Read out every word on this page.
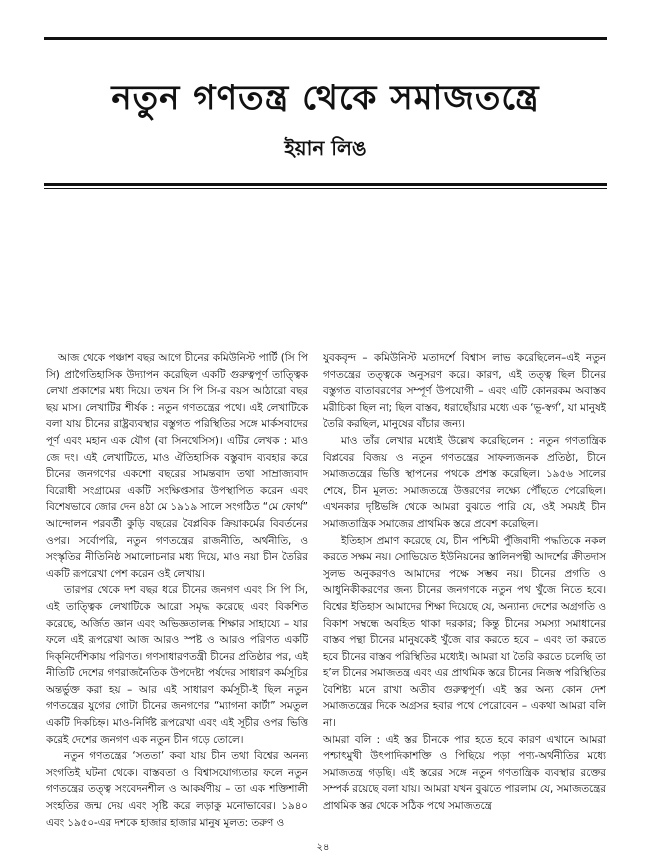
নতুন গণতন্ত্র থেকে সমাজতন্ত্রে
ইয়ান লিঙ

আজ থেকে পঞ্চাশ বছর আগে চীনের কমিউনিস্ট পার্টি (সি পি সি) প্রাগৈতিহাসিক উদ্যাপন করেছিল একটি গুরুত্বপূর্ণ তাত্ত্বিক লেখা প্রকাশের মধ্য দিয়ে। তখন সি পি সি-র বয়স আঠারো বছর ছয় মাস। লেখাটির শীর্ষক : নতুন গণতন্ত্রের পথে। এই লেখাটিকে বলা যায় চীনের রাষ্ট্রব্যবস্থার বস্তুগত পরিস্থিতির সঙ্গে মার্কসবাদের পূর্ণ এবং মহান এক যৌগ (বা সিনথেসিস)। এটির লেখক : মাও জে দং। এই লেখাটিতে, মাও ঐতিহাসিক বস্তুবাদ ব্যবহার করে চীনের জনগণের একশো বছরের সামন্তবাদ তথা সাম্রাজ্যবাদ বিরোধী সংগ্রামের একটি সংক্ষিপ্তসার উপস্থাপিত করেন এবং বিশেষভাবে জোর দেন ৪ঠা মে ১৯১৯ সালে সংগঠিত “মে ফোর্থ” আন্দোলন পরবর্তী কুড়ি বছরের বৈপ্লবিক ক্রিয়াকর্মের বিবর্তনের ওপর। সর্বোপরি, নতুন গণতন্ত্রের রাজনীতি, অর্থনীতি, ও সংস্কৃতির নীতিনিষ্ঠ সমালোচনার মধ্য দিয়ে, মাও নয়া চীন তৈরির একটি রূপরেখা পেশ করেন ওই লেখায়।

তারপর থেকে দশ বছর ধরে চীনের জনগণ এবং সি পি সি, এই তাত্ত্বিক লেখাটিকে আরো সমৃদ্ধ করেছে এবং বিকশিত করেছে, অর্জিত জ্ঞান এবং অভিজ্ঞতালব্ধ শিক্ষার সাহায্যে – যার ফলে এই রূপরেখা আজ আরও স্পষ্ট ও আরও পরিণত একটি দিক্‌নির্দেশিকায় পরিণত। গণসাধারণতন্ত্রী চীনের প্রতিষ্ঠার পর, এই নীতিটি দেশের গণরাজনৈতিক উপদেষ্টা পর্ষদের সাধারণ কর্মসূচির অন্তর্ভুক্ত করা হয় – আর এই সাধারণ কর্মসূচী-ই ছিল নতুন গণতন্ত্রের যুগের গোটা চীনের জনগণের “ম্যাগনা কার্টা” সমতুল একটি দিকচিহ্ন। মাও-নির্দিষ্ট রূপরেখা এবং এই সূচীর ওপর ভিত্তি করেই দেশের জনগণ এক নতুন চীন গড়ে তোলে।

নতুন গণতন্ত্রের ‘সততা’ কবা যায় চীন তথা বিশ্বের অনন্য সংগতিই ঘটনা থেকে। বাস্তবতা ও বিশ্বাসযোগ্যতার ফলে নতুন গণতন্ত্রের তত্ত্ব সংবেদনশীল ও আকর্ষণীয় – তা এক শক্তিশালী সংহতির জন্ম দেয় এবং সৃষ্টি করে লড়াকু মনোভাবের। ১৯৪০ এবং ১৯৫০-এর দশকে হাজার হাজার মানুষ মূলত: তরুণ ও

যুবকবৃন্দ – কমিউনিস্ট মতাদর্শে বিশ্বাস লাভ করেছিলেন–এই নতুন গণতন্ত্রের তত্ত্বকে অনুসরণ করে। কারণ, এই তত্ত্ব ছিল চীনের বস্তুগত বাতাবরণের সম্পূর্ণ উপযোগী – এবং এটি কোনরকম অবাস্তব মরীচিকা ছিল না; ছিল বাস্তব, ধরাছোঁয়ার মধ্যে এক ‘ভূ-স্বর্গ’, যা মানুষই তৈরি করছিল, মানুষের বাঁচার জন্য।

মাও তাঁর লেখার মধ্যেই উল্লেখ করেছিলেন : নতুন গণতান্ত্রিক বিপ্লবের বিজয় ও নতুন গণতন্ত্রের সাফল্যজনক প্রতিষ্ঠা, চীনে সমাজতন্ত্রের ভিত্তি স্থাপনের পথকে প্রশস্ত করেছিল। ১৯৫৬ সালের শেষে, চীন মূলত: সমাজতন্ত্রে উত্তরণের লক্ষ্যে পৌঁছতে পেরেছিল। এখনকার দৃষ্টিভঙ্গি থেকে আমরা বুঝতে পারি যে, ওই সময়ই চীন সমাজতান্ত্রিক সমাজের প্রাথমিক স্তরে প্রবেশ করেছিল।

ইতিহাস প্রমাণ করেছে যে, চীন পশ্চিমী পুঁজিবাদী পদ্ধতিকে নকল করতে সক্ষম নয়। সোভিয়েত ইউনিয়নের স্তালিনপন্থী আদর্শের ক্রীতদাস সুলভ অনুকরণও আমাদের পক্ষে সম্ভব নয়। চীনের প্রগতি ও আধুনিকীকরণের জন্য চীনের জনগণকে নতুন পথ খুঁজে নিতে হবে। বিশ্বের ইতিহাস আমাদের শিক্ষা দিয়েছে যে, অন্যান্য দেশের অগ্রগতি ও বিকাশ সম্বন্ধে অবহিত থাকা দরকার; কিন্তু চীনের সমস্যা সমাধানের বাস্তব পন্থা চীনের মানুষকেই খুঁজে বার করতে হবে – এবং তা করতে হবে চীনের বাস্তব পরিস্থিতির মধ্যেই। আমরা যা তৈরি করতে চলেছি তা হ’ল চীনের সমাজতন্ত্র এবং এর প্রাথমিক স্তরে চীনের নিজস্ব পরিস্থিতির বৈশিষ্ট্য মনে রাখা অতীব গুরুত্বপূর্ণ। এই স্তর অন্য কোন দেশ সমাজতন্ত্রের দিকে অগ্রসর হবার পথে পেরোবেন – একথা আমরা বলি না।

আমরা বলি : এই স্তর চীনকে পার হতে হবে কারণ এখানে আমরা পশ্চাৎমুখী উৎপাদিকাশক্তি ও পিছিয়ে পড়া পণ্য-অর্থনীতির মধ্যে সমাজতন্ত্র গড়ছি। এই স্তরের সঙ্গে নতুন গণতান্ত্রিক ব্যবস্থার রক্তের সম্পর্ক রয়েছে বলা যায়। আমরা যখন বুঝতে পারলাম যে, সমাজতন্ত্রের প্রাথমিক স্তর থেকে সঠিক পথে সমাজতন্ত্রে

২৪
